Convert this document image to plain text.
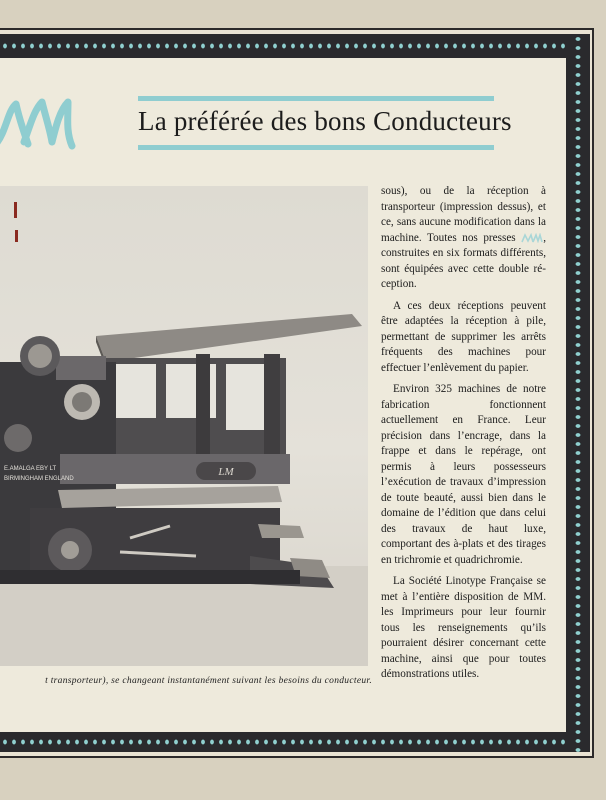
La préférée des bons Conducteurs
LM
E.AMALGA EBY LT
BIRMINGHAM ENGLAND
t transporteur), se changeant instantanément suivant les besoins du conducteur.

sous), ou de la réception à transporteur (impression dessus), et ce, sans aucune modification dans la machine. Toutes nos presses , construites en six formats différents, sont équipées avec cette double réception.

A ces deux réceptions peuvent être adaptées la réception à pile, permettant de supprimer les arrêts fréquents des machines pour effectuer l’enlèvement du papier.

Environ 325 machines de notre fabrication fonctionnent actuellement en France. Leur précision dans l’encrage, dans la frappe et dans le repérage, ont permis à leurs possesseurs l’exécution de travaux d’impression de toute beauté, aussi bien dans le domaine de l’édition que dans celui des travaux de haut luxe, comportant des à-plats et des tirages en trichromie et quadrichromie.

La Société Linotype Française se met à l’entière disposition de MM. les Imprimeurs pour leur fournir tous les renseignements qu’ils pourraient désirer concernant cette machine, ainsi que pour toutes démonstrations utiles.
